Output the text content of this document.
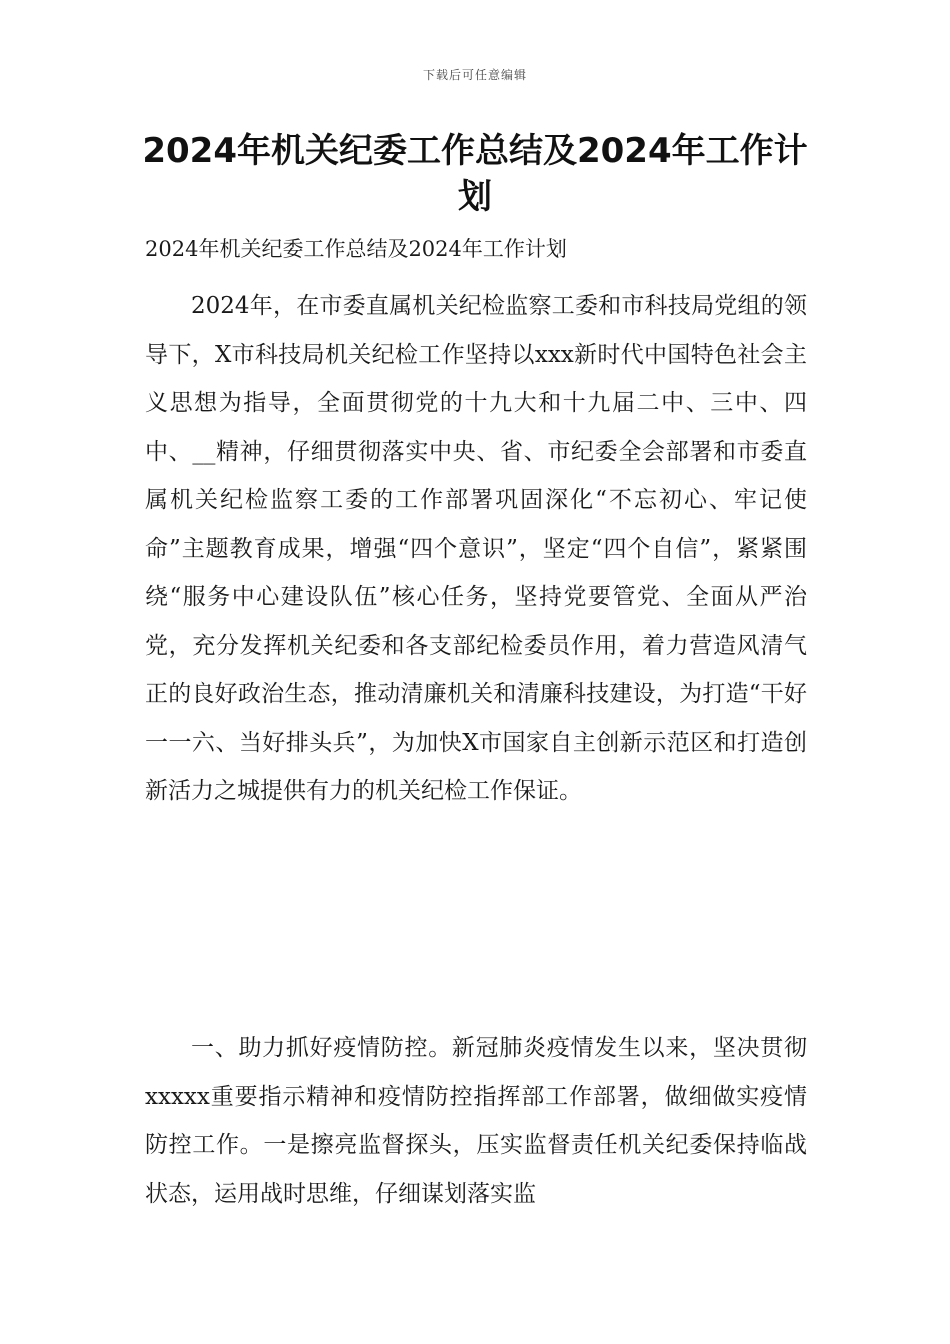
下载后可任意编辑
2024年机关纪委工作总结及2024年工作计划

2024年机关纪委工作总结及2024年工作计划

2024年，在市委直属机关纪检监察工委和市科技局党组的领导下，X市科技局机关纪检工作坚持以xxx新时代中国特色社会主义思想为指导，全面贯彻党的十九大和十九届二中、三中、四中、__精神，仔细贯彻落实中央、省、市纪委全会部署和市委直属机关纪检监察工委的工作部署巩固深化“不忘初心、牢记使命”主题教育成果，增强“四个意识”，坚定“四个自信”，紧紧围绕“服务中心建设队伍”核心任务，坚持党要管党、全面从严治党，充分发挥机关纪委和各支部纪检委员作用，着力营造风清气正的良好政治生态，推动清廉机关和清廉科技建设，为打造“干好一一六、当好排头兵”，为加快X市国家自主创新示范区和打造创新活力之城提供有力的机关纪检工作保证。

一、助力抓好疫情防控。新冠肺炎疫情发生以来，坚决贯彻xxxxx重要指示精神和疫情防控指挥部工作部署，做细做实疫情防控工作。一是擦亮监督探头，压实监督责任机关纪委保持临战状态，运用战时思维，仔细谋划落实监
